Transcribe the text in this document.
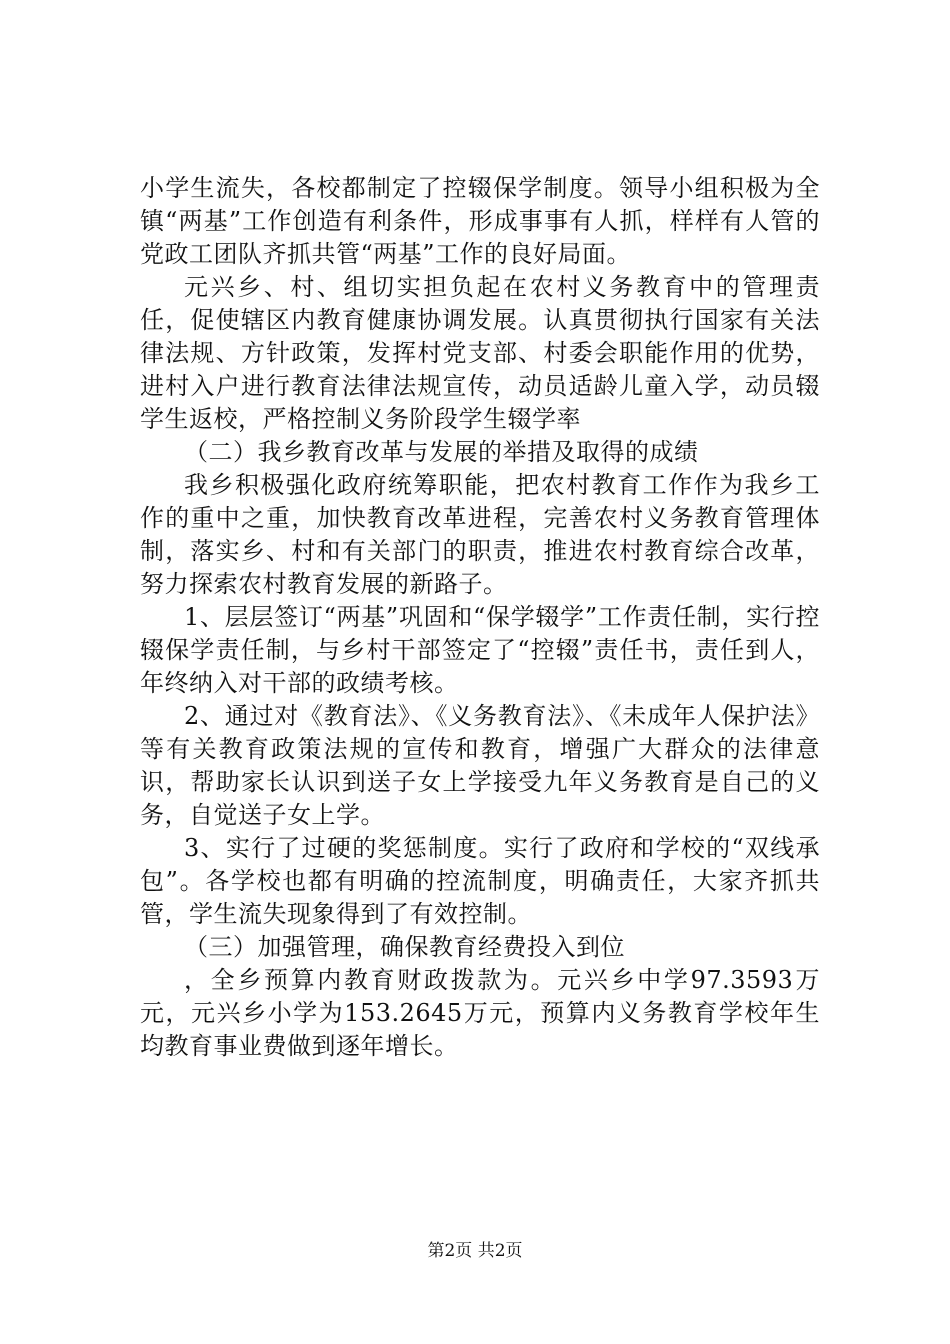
小学生流失，各校都制定了控辍保学制度。领导小组积极为全镇“两基”工作创造有利条件，形成事事有人抓，样样有人管的党政工团队齐抓共管“两基”工作的良好局面。

元兴乡、村、组切实担负起在农村义务教育中的管理责任，促使辖区内教育健康协调发展。认真贯彻执行国家有关法律法规、方针政策，发挥村党支部、村委会职能作用的优势，进村入户进行教育法律法规宣传，动员适龄儿童入学，动员辍学生返校，严格控制义务阶段学生辍学率

（二）我乡教育改革与发展的举措及取得的成绩

我乡积极强化政府统筹职能，把农村教育工作作为我乡工作的重中之重，加快教育改革进程，完善农村义务教育管理体制，落实乡、村和有关部门的职责，推进农村教育综合改革，努力探索农村教育发展的新路子。

1、层层签订“两基”巩固和“保学辍学”工作责任制，实行控辍保学责任制，与乡村干部签定了“控辍”责任书，责任到人，年终纳入对干部的政绩考核。

2、通过对《教育法》、《义务教育法》、《未成年人保护法》等有关教育政策法规的宣传和教育，增强广大群众的法律意识，帮助家长认识到送子女上学接受九年义务教育是自己的义务，自觉送子女上学。

3、实行了过硬的奖惩制度。实行了政府和学校的“双线承包”。各学校也都有明确的控流制度，明确责任，大家齐抓共管，学生流失现象得到了有效控制。

（三）加强管理，确保教育经费投入到位

，全乡预算内教育财政拨款为。元兴乡中学97.3593万元，元兴乡小学为153.2645万元，预算内义务教育学校年生均教育事业费做到逐年增长。

第2页 共2页
